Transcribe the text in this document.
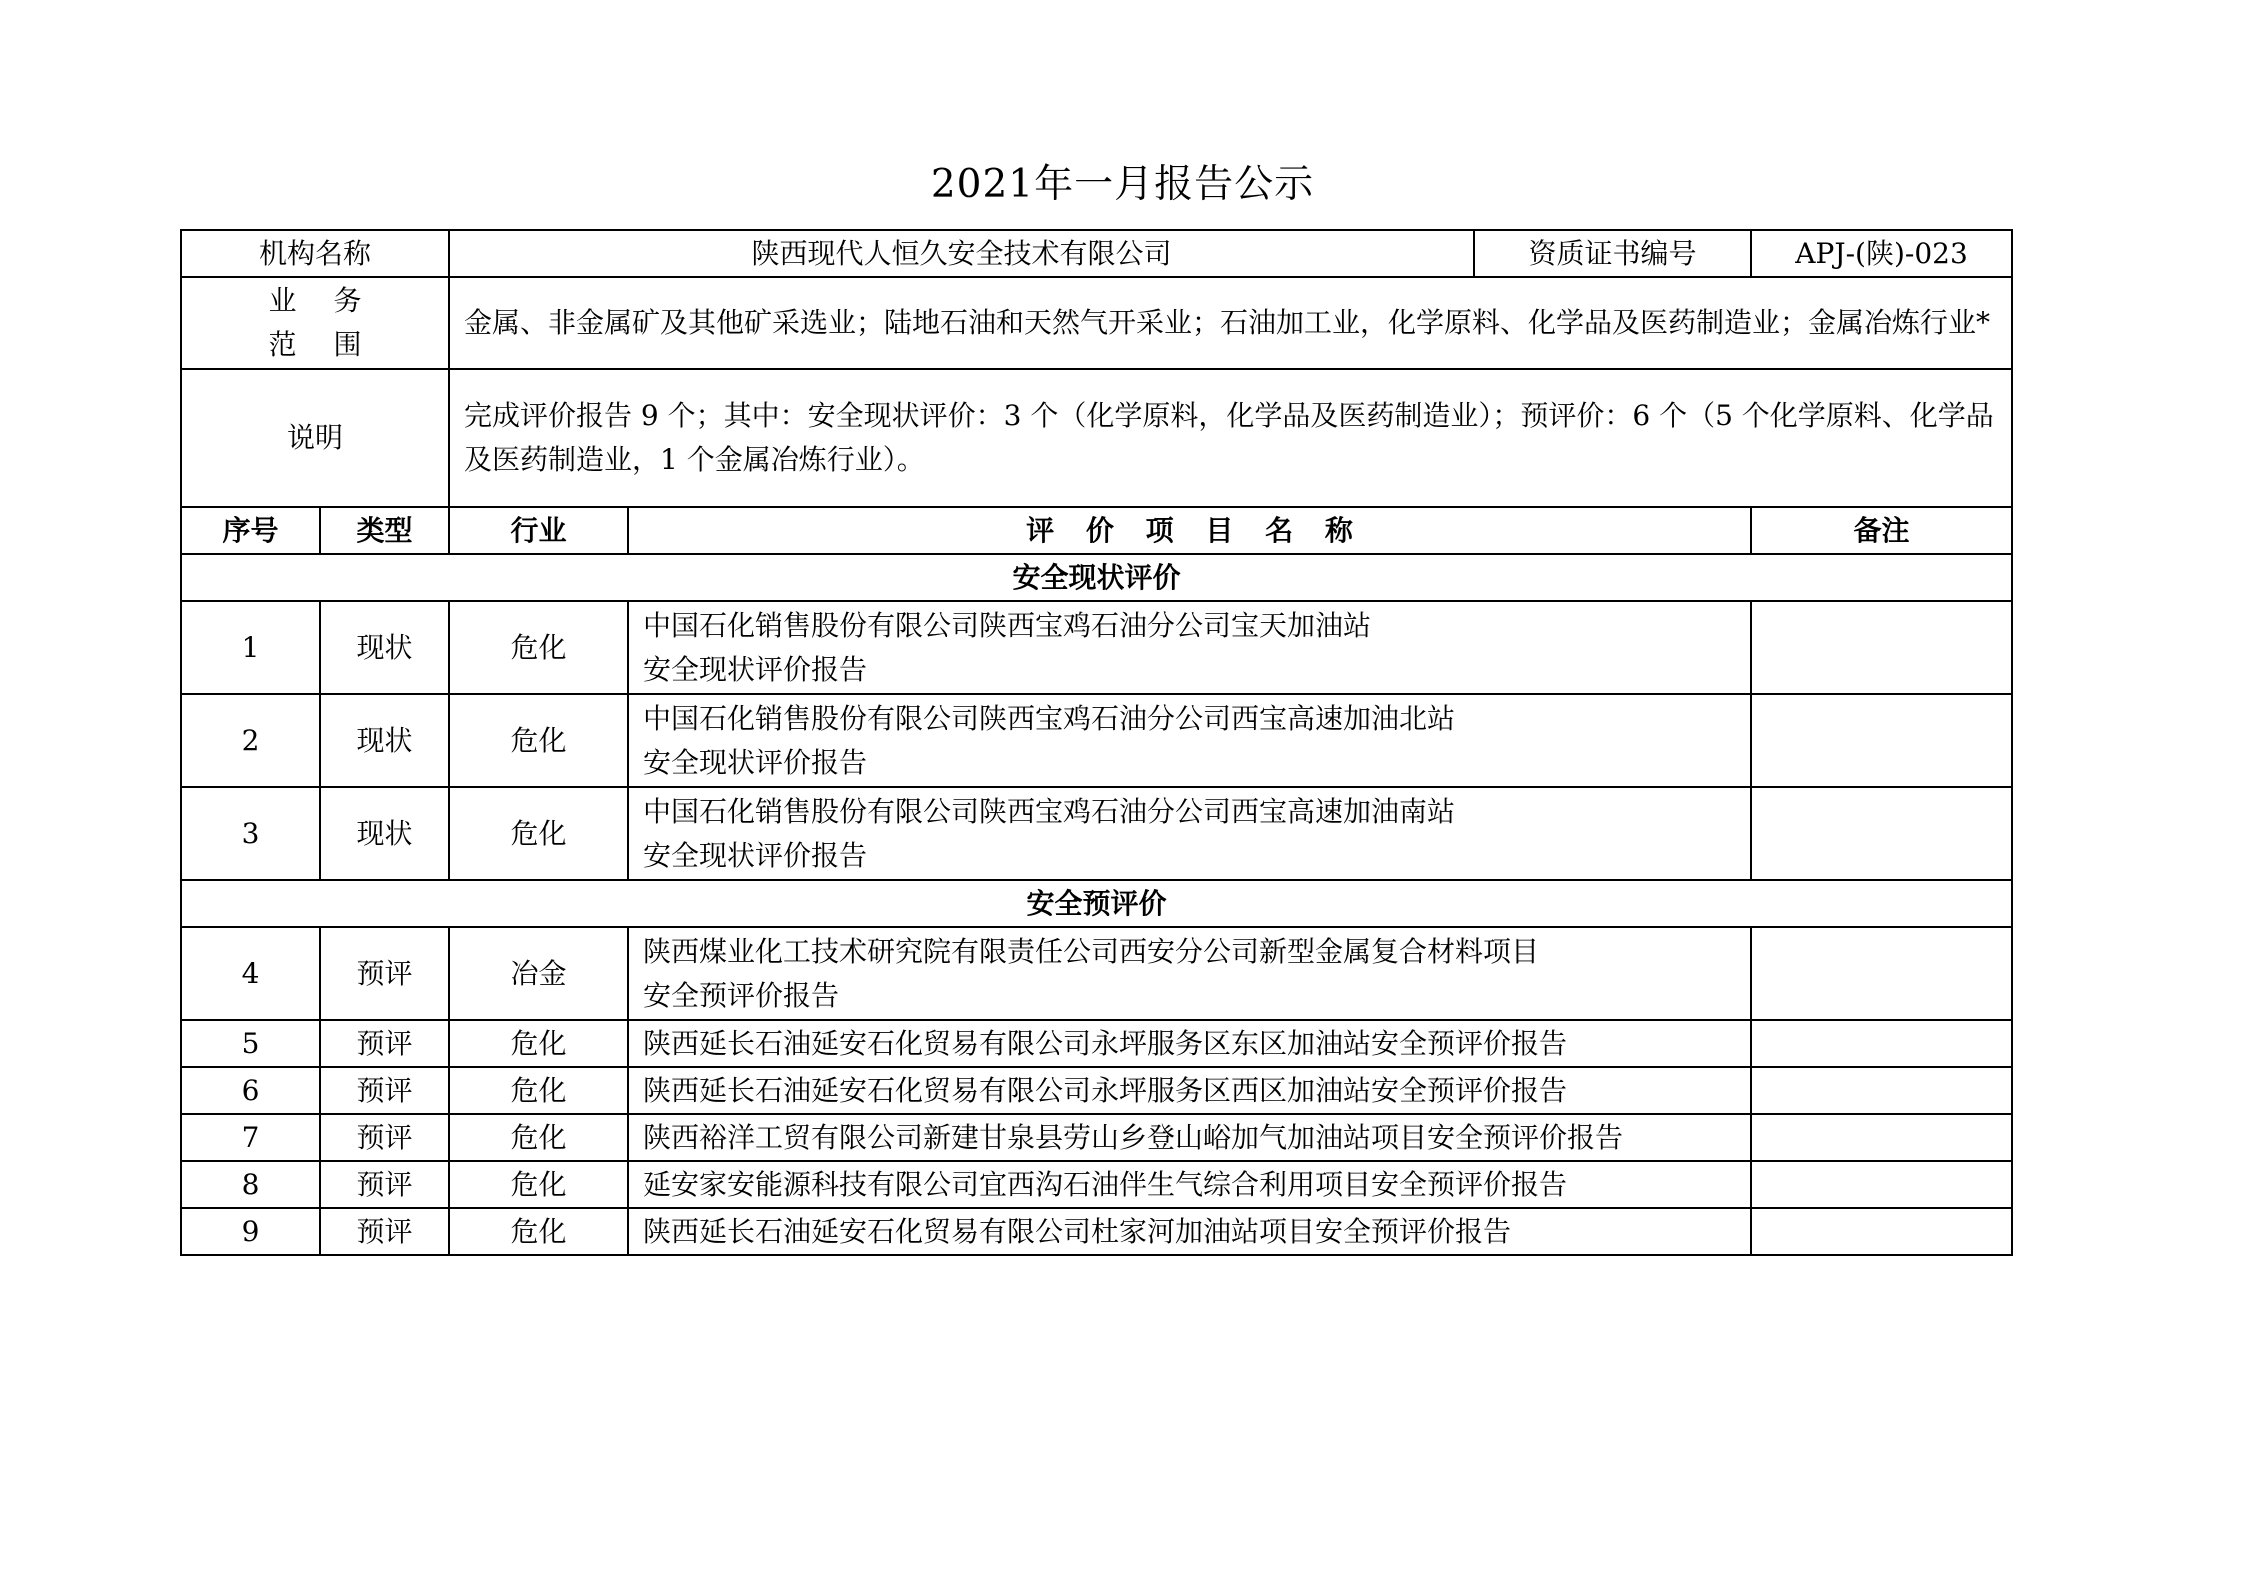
2021年一月报告公示
机构名称		陕西现代人恒久安全技术有限公司		资质证书编号	APJ-(陕)-023

业　 务
范　 围		金属、非金属矿及其他矿采选业；陆地石油和天然气开采业；石油加工业，化学原料、化学品及医药制造业；金属冶炼行业*			
说明		完成评价报告 9 个；其中：安全现状评价：3 个（化学原料，化学品及医药制造业）；预评价：6 个（5 个化学原料、化学品及医药制造业，1 个金属冶炼行业）。			
序号	类型	行业	评 价 项 目 名 称		备注
安全现状评价					
1	现状	危化	中国石化销售股份有限公司陕西宝鸡石油分公司宝天加油站
安全现状评价报告		

2	现状	危化	中国石化销售股份有限公司陕西宝鸡石油分公司西宝高速加油北站
安全现状评价报告		

3	现状	危化	中国石化销售股份有限公司陕西宝鸡石油分公司西宝高速加油南站
安全现状评价报告		

安全预评价					
4	预评	冶金	陕西煤业化工技术研究院有限责任公司西安分公司新型金属复合材料项目
安全预评价报告		

5	预评	危化	陕西延长石油延安石化贸易有限公司永坪服务区东区加油站安全预评价报告		
6	预评	危化	陕西延长石油延安石化贸易有限公司永坪服务区西区加油站安全预评价报告		
7	预评	危化	陕西裕洋工贸有限公司新建甘泉县劳山乡登山峪加气加油站项目安全预评价报告		
8	预评	危化	延安家安能源科技有限公司宜西沟石油伴生气综合利用项目安全预评价报告		
9	预评	危化	陕西延长石油延安石化贸易有限公司杜家河加油站项目安全预评价报告		
